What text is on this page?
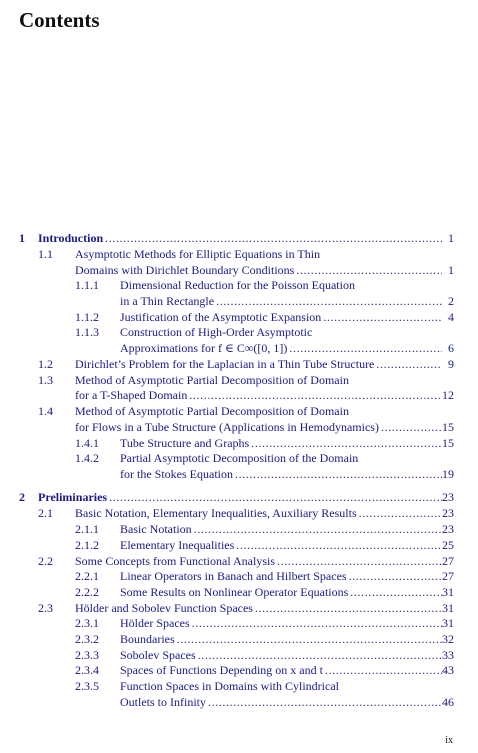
Contents
1 Introduction . . .	1
1.1 Asymptotic Methods for Elliptic Equations in Thin
Domains with Dirichlet Boundary Conditions . . .	1
1.1.1 Dimensional Reduction for the Poisson Equation
in a Thin Rectangle . . .	2
1.1.2 Justification of the Asymptotic Expansion . . .	4
1.1.3 Construction of High-Order Asymptotic
Approximations for f ∈ C∞([0, 1]) . . .	6
1.2 Dirichlet’s Problem for the Laplacian in a Thin Tube Structure . . .	9
1.3 Method of Asymptotic Partial Decomposition of Domain
for a T-Shaped Domain . . .	12
1.4 Method of Asymptotic Partial Decomposition of Domain
for Flows in a Tube Structure (Applications in Hemodynamics) . . .	15
1.4.1 Tube Structure and Graphs . . .	15
1.4.2 Partial Asymptotic Decomposition of the Domain
for the Stokes Equation . . .	19
2 Preliminaries . . .	23
2.1 Basic Notation, Elementary Inequalities, Auxiliary Results . . .	23
2.1.1 Basic Notation . . .	23
2.1.2 Elementary Inequalities . . .	25
2.2 Some Concepts from Functional Analysis . . .	27
2.2.1 Linear Operators in Banach and Hilbert Spaces . . .	27
2.2.2 Some Results on Nonlinear Operator Equations . . .	31
2.3 Hölder and Sobolev Function Spaces . . .	31
2.3.1 Hölder Spaces . . .	31
2.3.2 Boundaries . . .	32
2.3.3 Sobolev Spaces . . .	33
2.3.4 Spaces of Functions Depending on x and t . . .	43
2.3.5 Function Spaces in Domains with Cylindrical
Outlets to Infinity . . .	46
ix
